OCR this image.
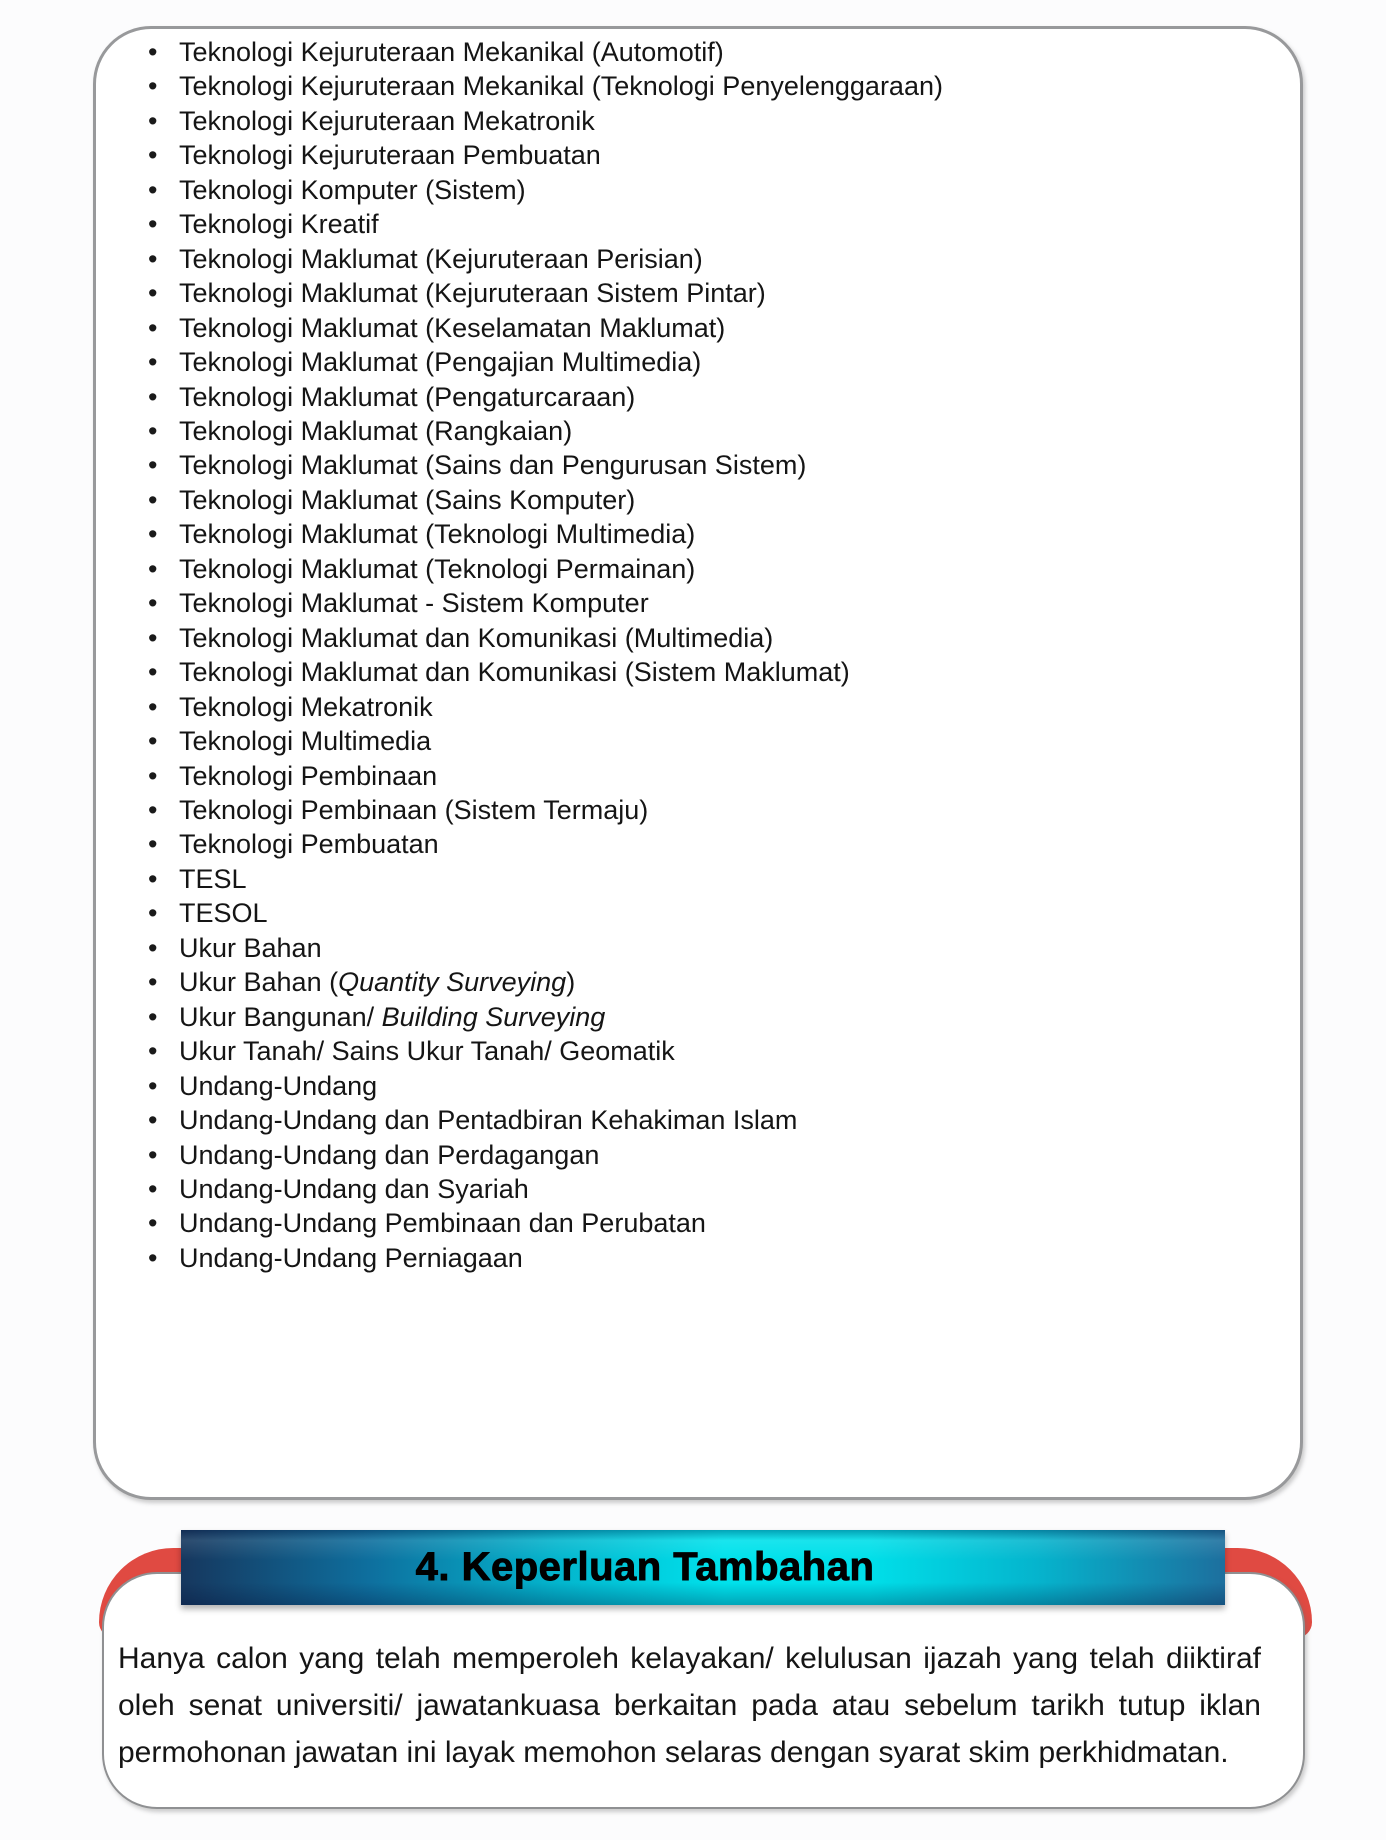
• Teknologi Kejuruteraan Mekanikal (Automotif)
• Teknologi Kejuruteraan Mekanikal (Teknologi Penyelenggaraan)
• Teknologi Kejuruteraan Mekatronik
• Teknologi Kejuruteraan Pembuatan
• Teknologi Komputer (Sistem)
• Teknologi Kreatif
• Teknologi Maklumat (Kejuruteraan Perisian)
• Teknologi Maklumat (Kejuruteraan Sistem Pintar)
• Teknologi Maklumat (Keselamatan Maklumat)
• Teknologi Maklumat (Pengajian Multimedia)
• Teknologi Maklumat (Pengaturcaraan)
• Teknologi Maklumat (Rangkaian)
• Teknologi Maklumat (Sains dan Pengurusan Sistem)
• Teknologi Maklumat (Sains Komputer)
• Teknologi Maklumat (Teknologi Multimedia)
• Teknologi Maklumat (Teknologi Permainan)
• Teknologi Maklumat - Sistem Komputer
• Teknologi Maklumat dan Komunikasi (Multimedia)
• Teknologi Maklumat dan Komunikasi (Sistem Maklumat)
• Teknologi Mekatronik
• Teknologi Multimedia
• Teknologi Pembinaan
• Teknologi Pembinaan (Sistem Termaju)
• Teknologi Pembuatan
• TESL
• TESOL
• Ukur Bahan
• Ukur Bahan (Quantity Surveying)
• Ukur Bangunan/ Building Surveying
• Ukur Tanah/ Sains Ukur Tanah/ Geomatik
• Undang-Undang
• Undang-Undang dan Pentadbiran Kehakiman Islam
• Undang-Undang dan Perdagangan
• Undang-Undang dan Syariah
• Undang-Undang Pembinaan dan Perubatan
• Undang-Undang Perniagaan

Hanya calon yang telah memperoleh kelayakan/ kelulusan ijazah yang telah diiktiraf oleh senat universiti/ jawatankuasa berkaitan pada atau sebelum tarikh tutup iklan permohonan jawatan ini layak memohon selaras dengan syarat skim perkhidmatan.

4. Keperluan Tambahan
